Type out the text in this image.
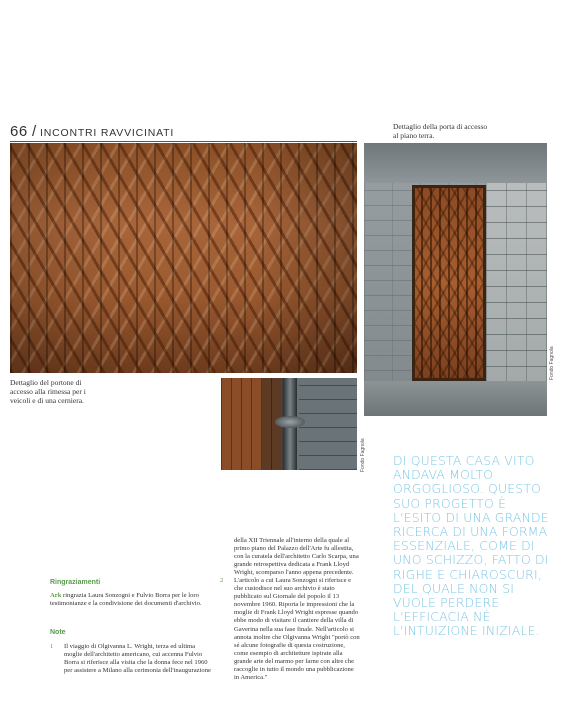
66 / INCONTRI RAVVICINATI
Dettaglio della porta di accesso al piano terra.
Fondo Fagnola
Fondo Fagnola
Dettaglio del portone di accesso alla rimessa per i veicoli e di una cerniera.
Ringraziamenti
Ark ringrazia Laura Sonzogni e Fulvio Borra per le loro testimonianze e la condivisione dei documenti d'archivio.
Note
1	Il viaggio di Olgivanna L. Wright, terza ed ultima moglie dell'architetto americano, cui accenna Fulvio Borra si riferisce alla visita che la donna fece nel 1960 per assistere a Milano alla cerimonia dell'inaugurazione
della XII Triennale all'interno della quale al primo piano del Palazzo dell'Arte fu allestita, con la curatela dell'architetto Carlo Scarpa, una grande retrospettiva dedicata a Frank Lloyd Wright, scomparso l'anno appena precedente.
2	L'articolo a cui Laura Sonzogni si riferisce e che custodisce nel suo archivio è stato pubblicato sul Giornale del popolo il 13 novembre 1960. Riporta le impressioni che la moglie di Frank Lloyd Wright espresse quando ebbe modo di visitare il cantiere della villa di Gaverina nella sua fase finale. Nell'articolo si annota inoltre che Olgivanna Wright "portò con sé alcune fotografie di questa costruzione, come esempio di architetture ispirate alla grande arte del marmo per farne con altre che raccoglie in tutto il mondo una pubblicazione in America."
DI QUESTA CASA VITO ANDAVA MOLTO ORGOGLIOSO. QUESTO SUO PROGETTO È L'ESITO DI UNA GRANDE RICERCA DI UNA FORMA ESSENZIALE, COME DI UNO SCHIZZO, FATTO DI RIGHE E CHIAROSCURI, DEL QUALE NON SI VUOLE PERDERE L'EFFICACIA NÉ L'INTUIZIONE INIZIALE.
